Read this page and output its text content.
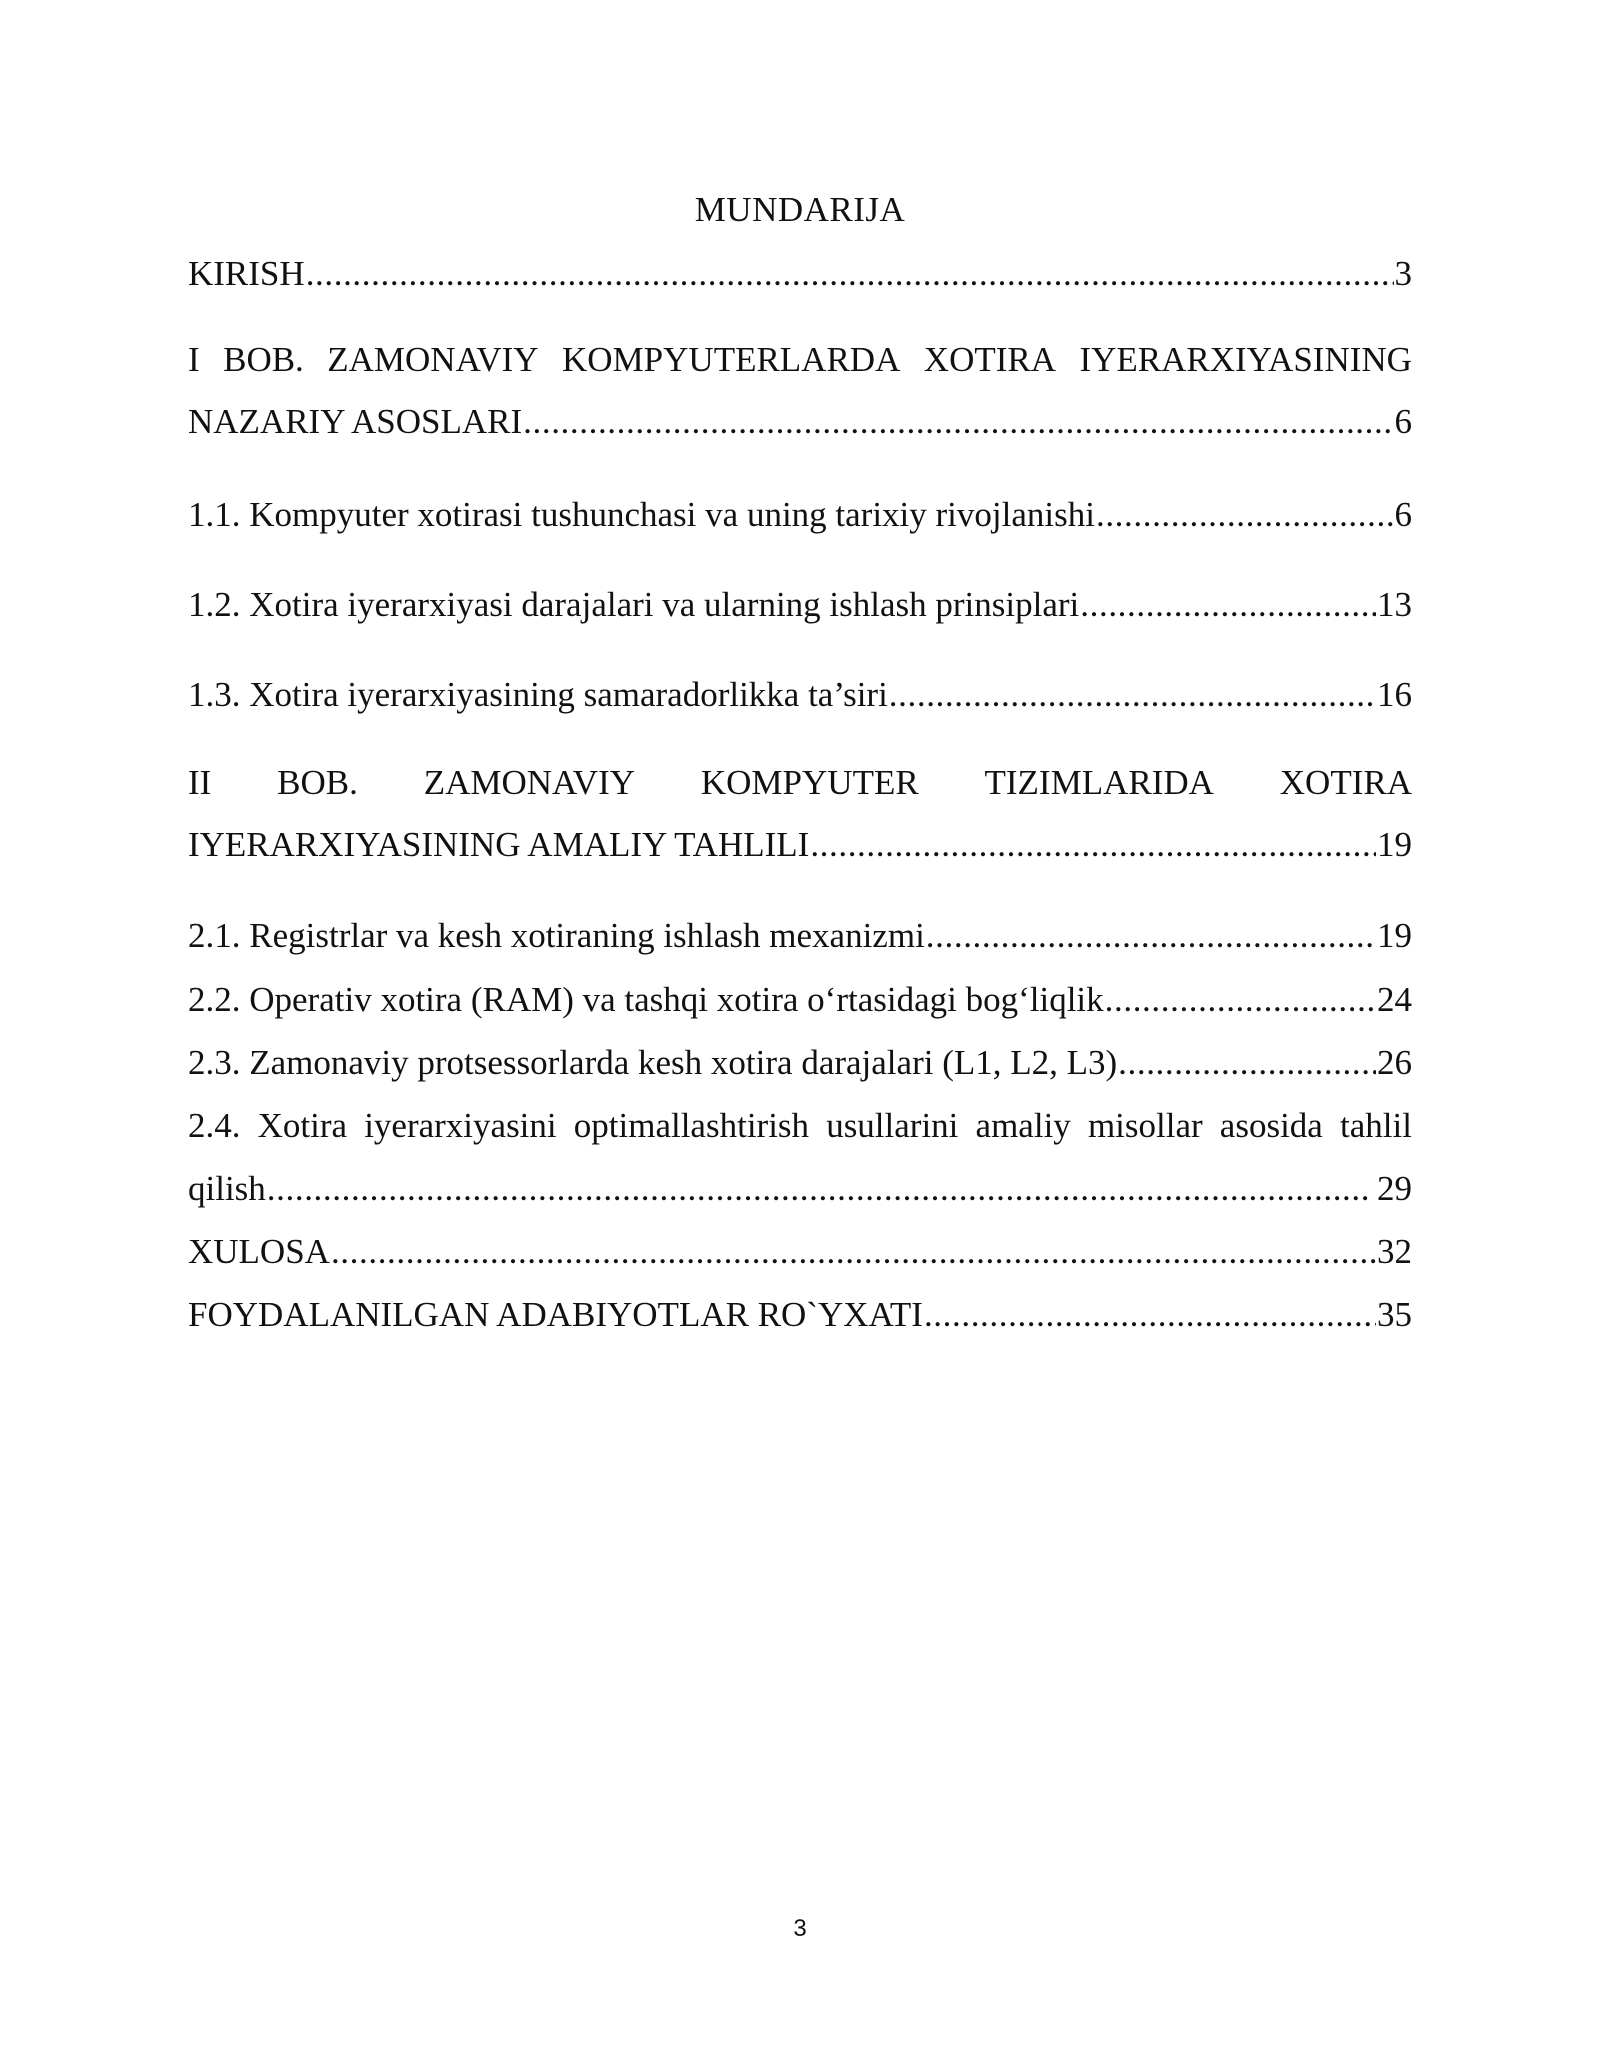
MUNDARIJA
KIRISH .....	3
I BOB. ZAMONAVIY KOMPYUTERLARDA XOTIRA IYERARXIYASINING
NAZARIY ASOSLARI .....	6
1.1. Kompyuter xotirasi tushunchasi va uning tarixiy rivojlanishi .....	6
1.2. Xotira iyerarxiyasi darajalari va ularning ishlash prinsiplari .....	13
1.3. Xotira iyerarxiyasining samaradorlikka ta’siri .....	16
II BOB. ZAMONAVIY KOMPYUTER TIZIMLARIDA XOTIRA
IYERARXIYASINING AMALIY TAHLILI .....	19
2.1. Registrlar va kesh xotiraning ishlash mexanizmi .....	19
2.2. Operativ xotira (RAM) va tashqi xotira o‘rtasidagi bog‘liqlik .....	24
2.3. Zamonaviy protsessorlarda kesh xotira darajalari (L1, L2, L3) .....	26
2.4. Xotira iyerarxiyasini optimallashtirish usullarini amaliy misollar asosida tahlil
qilish .....	29
XULOSA .....	32
FOYDALANILGAN ADABIYOTLAR RO`YXATI .....	35
3
